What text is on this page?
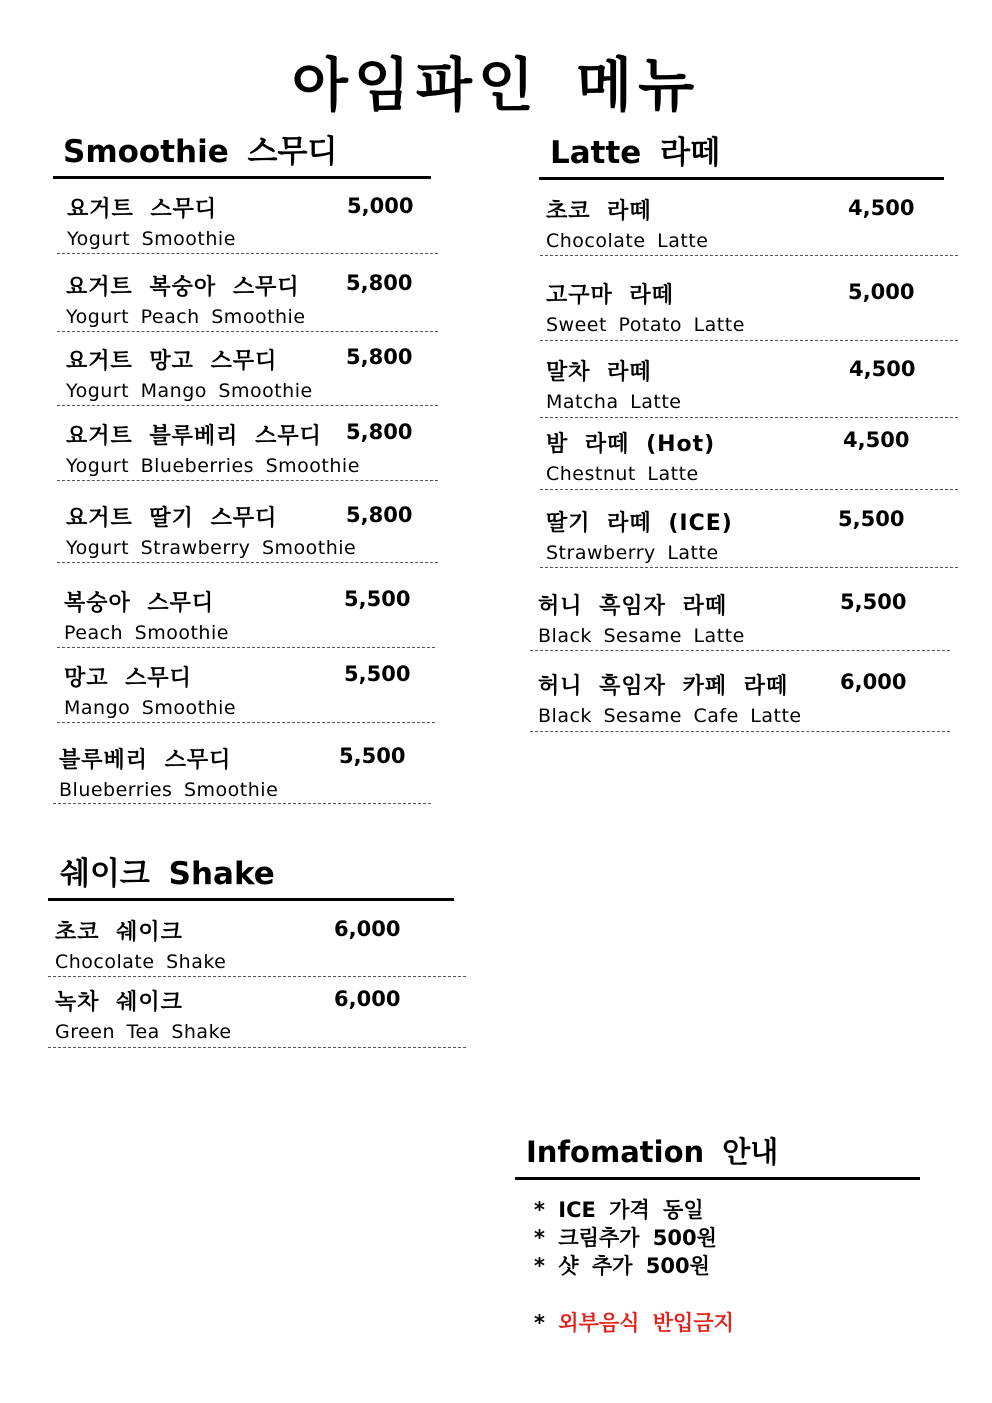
아임파인 메뉴
Smoothie 스무디
요거트 스무디
Yogurt Smoothie
5,000
요거트 복숭아 스무디
Yogurt Peach Smoothie
5,800
요거트 망고 스무디
Yogurt Mango Smoothie
5,800
요거트 블루베리 스무디
Yogurt Blueberries Smoothie
5,800
요거트 딸기 스무디
Yogurt Strawberry Smoothie
5,800
복숭아 스무디
Peach Smoothie
5,500
망고 스무디
Mango Smoothie
5,500
블루베리 스무디
Blueberries Smoothie
5,500
Latte 라떼
초코 라떼
Chocolate Latte
4,500
고구마 라떼
Sweet Potato Latte
5,000
말차 라떼
Matcha Latte
4,500
밤 라떼 (Hot)
Chestnut Latte
4,500
딸기 라떼 (ICE)
Strawberry Latte
5,500
허니 흑임자 라떼
Black Sesame Latte
5,500
허니 흑임자 카페 라떼
Black Sesame Cafe Latte
6,000
쉐이크 Shake
초코 쉐이크
Chocolate Shake
6,000
녹차 쉐이크
Green Tea Shake
6,000
Infomation 안내
* ICE 가격 동일
* 크림추가 500원
* 샷 추가 500원
* 외부음식 반입금지
